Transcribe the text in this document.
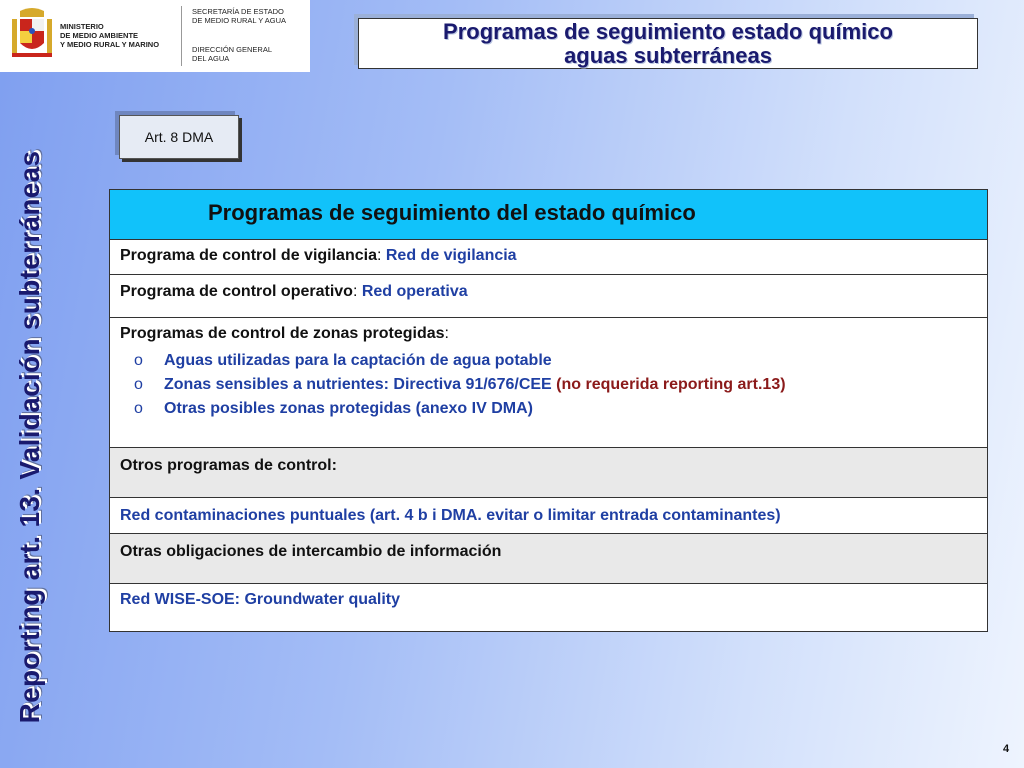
MINISTERIO
DE MEDIO AMBIENTE
Y MEDIO RURAL Y MARINO
SECRETARÍA DE ESTADO
DE MEDIO RURAL Y AGUA
DIRECCIÓN GENERAL
DEL AGUA
Programas de seguimiento estado químico
aguas subterráneas
Reporting art. 13. Validación subterráneas
Art. 8 DMA
Programas de seguimiento del estado químico
Programa de control de vigilancia: Red de vigilancia
Programa de control operativo: Red operativa
Programas de control de zonas protegidas:
o Aguas utilizadas para la captación de agua potable
o Zonas sensibles a nutrientes: Directiva 91/676/CEE (no requerida reporting art.13)
o Otras posibles zonas protegidas (anexo IV DMA)
Otros programas de control:
Red contaminaciones puntuales (art. 4 b i DMA. evitar o limitar entrada contaminantes)
Otras obligaciones de intercambio de información
Red WISE-SOE: Groundwater quality
4
